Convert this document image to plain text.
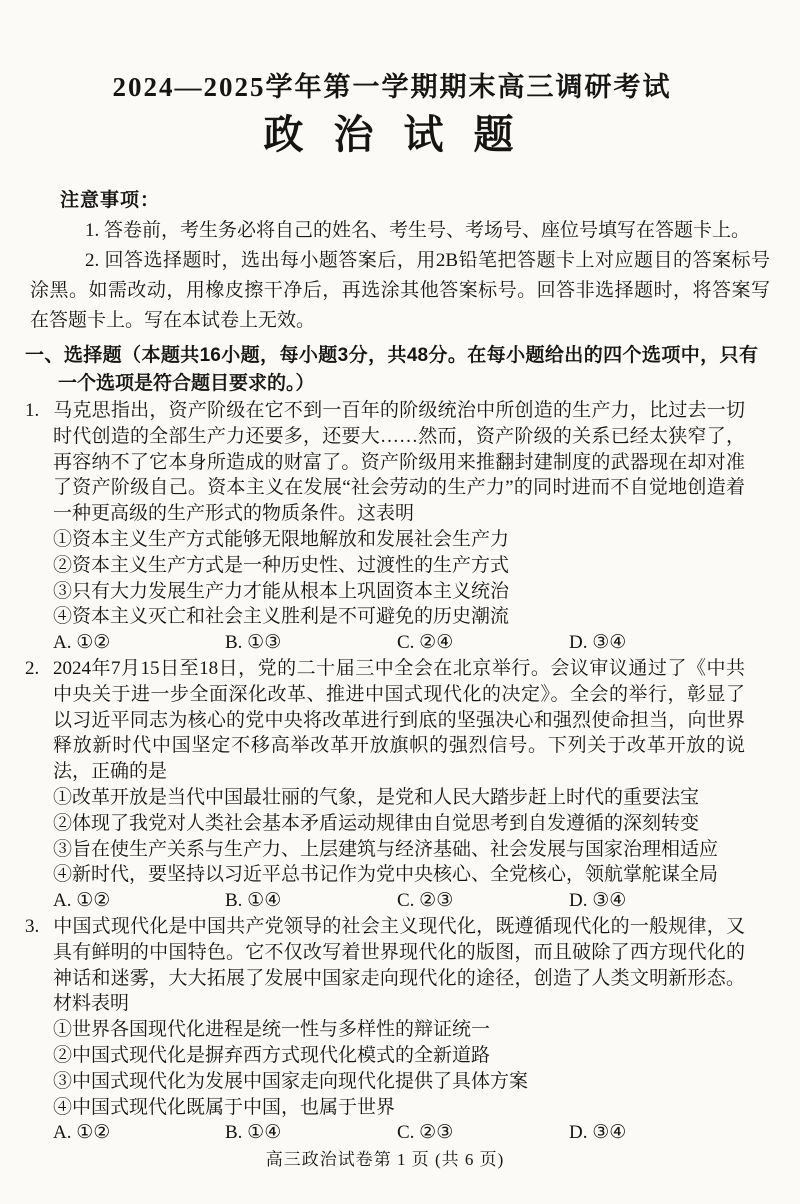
2024—2025学年第一学期期末高三调研考试
政 治 试 题
注意事项：

1. 答卷前，考生务必将自己的姓名、考生号、考场号、座位号填写在答题卡上。

2. 回答选择题时，选出每小题答案后，用2B铅笔把答题卡上对应题目的答案标号涂黑。如需改动，用橡皮擦干净后，再选涂其他答案标号。回答非选择题时，将答案写在答题卡上。写在本试卷上无效。

一、选择题（本题共16小题，每小题3分，共48分。在每小题给出的四个选项中，只有一个选项是符合题目要求的。）

1. 马克思指出，资产阶级在它不到一百年的阶级统治中所创造的生产力，比过去一切时代创造的全部生产力还要多，还要大……然而，资产阶级的关系已经太狭窄了，再容纳不了它本身所造成的财富了。资产阶级用来推翻封建制度的武器现在却对准了资产阶级自己。资本主义在发展“社会劳动的生产力”的同时进而不自觉地创造着一种更高级的生产形式的物质条件。这表明

①资本主义生产方式能够无限地解放和发展社会生产力
②资本主义生产方式是一种历史性、过渡性的生产方式
③只有大力发展生产力才能从根本上巩固资本主义统治
④资本主义灭亡和社会主义胜利是不可避免的历史潮流
A. ①②	B. ①③	C. ②④	D. ③④

2. 2024年7月15日至18日，党的二十届三中全会在北京举行。会议审议通过了《中共中央关于进一步全面深化改革、推进中国式现代化的决定》。全会的举行，彰显了以习近平同志为核心的党中央将改革进行到底的坚强决心和强烈使命担当，向世界释放新时代中国坚定不移高举改革开放旗帜的强烈信号。下列关于改革开放的说法，正确的是

①改革开放是当代中国最壮丽的气象，是党和人民大踏步赶上时代的重要法宝
②体现了我党对人类社会基本矛盾运动规律由自觉思考到自发遵循的深刻转变
③旨在使生产关系与生产力、上层建筑与经济基础、社会发展与国家治理相适应
④新时代，要坚持以习近平总书记作为党中央核心、全党核心，领航掌舵谋全局
A. ①②	B. ①④	C. ②③	D. ③④

3. 中国式现代化是中国共产党领导的社会主义现代化，既遵循现代化的一般规律，又具有鲜明的中国特色。它不仅改写着世界现代化的版图，而且破除了西方现代化的神话和迷雾，大大拓展了发展中国家走向现代化的途径，创造了人类文明新形态。材料表明

①世界各国现代化进程是统一性与多样性的辩证统一
②中国式现代化是摒弃西方式现代化模式的全新道路
③中国式现代化为发展中国家走向现代化提供了具体方案
④中国式现代化既属于中国，也属于世界
A. ①②	B. ①④	C. ②③	D. ③④
高三政治试卷第 1 页 (共 6 页)
